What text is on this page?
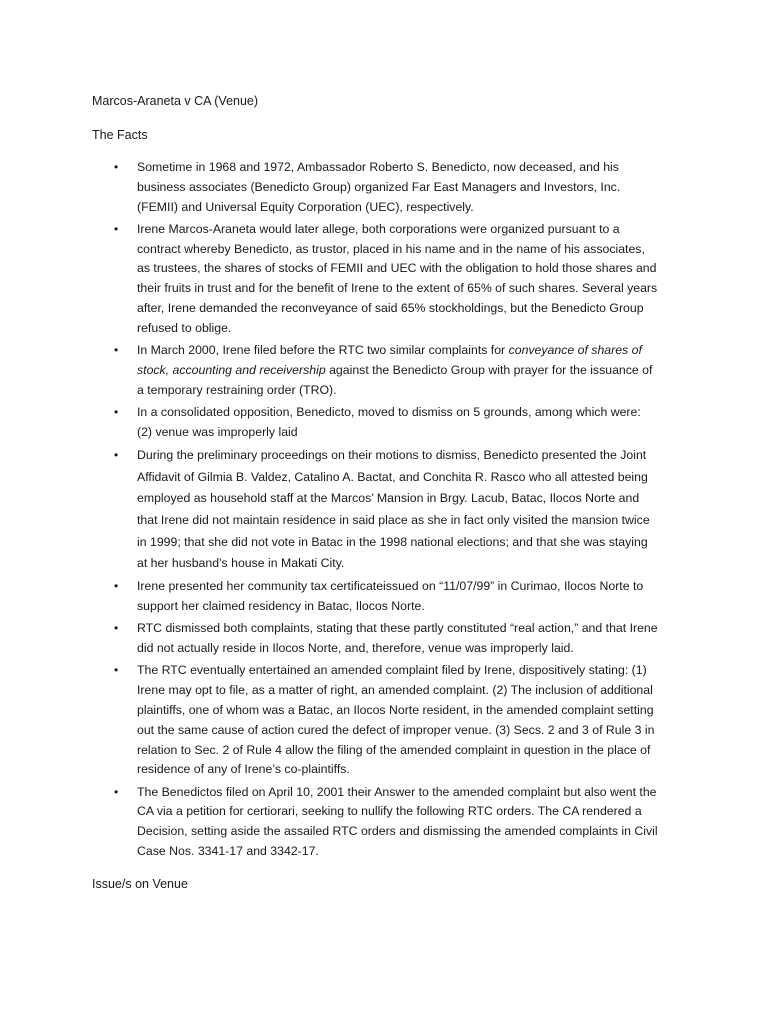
Marcos-Araneta v CA (Venue)

The Facts

• Sometime in 1968 and 1972, Ambassador Roberto S. Benedicto, now deceased, and his business associates (Benedicto Group) organized Far East Managers and Investors, Inc. (FEMII) and Universal Equity Corporation (UEC), respectively.

• Irene Marcos-Araneta would later allege, both corporations were organized pursuant to a contract whereby Benedicto, as trustor, placed in his name and in the name of his associates, as trustees, the shares of stocks of FEMII and UEC with the obligation to hold those shares and their fruits in trust and for the benefit of Irene to the extent of 65% of such shares. Several years after, Irene demanded the reconveyance of said 65% stockholdings, but the Benedicto Group refused to oblige.

• In March 2000, Irene filed before the RTC two similar complaints for conveyance of shares of stock, accounting and receivership against the Benedicto Group with prayer for the issuance of a temporary restraining order (TRO).

• In a consolidated opposition, Benedicto, moved to dismiss on 5 grounds, among which were:

(2) venue was improperly laid

• During the preliminary proceedings on their motions to dismiss, Benedicto presented the Joint Affidavit of Gilmia B. Valdez, Catalino A. Bactat, and Conchita R. Rasco who all attested being employed as household staff at the Marcos’ Mansion in Brgy. Lacub, Batac, Ilocos Norte and that Irene did not maintain residence in said place as she in fact only visited the mansion twice in 1999; that she did not vote in Batac in the 1998 national elections; and that she was staying at her husband’s house in Makati City.

• Irene presented her community tax certificateissued on “11/07/99” in Curimao, Ilocos Norte to support her claimed residency in Batac, Ilocos Norte.

• RTC dismissed both complaints, stating that these partly constituted “real action,” and that Irene did not actually reside in Ilocos Norte, and, therefore, venue was improperly laid.

• The RTC eventually entertained an amended complaint filed by Irene, dispositively stating: (1) Irene may opt to file, as a matter of right, an amended complaint. (2) The inclusion of additional plaintiffs, one of whom was a Batac, an Ilocos Norte resident, in the amended complaint setting out the same cause of action cured the defect of improper venue. (3) Secs. 2 and 3 of Rule 3 in relation to Sec. 2 of Rule 4 allow the filing of the amended complaint in question in the place of residence of any of Irene’s co-plaintiffs.

• The Benedictos filed on April 10, 2001 their Answer to the amended complaint but also went the CA via a petition for certiorari, seeking to nullify the following RTC orders. The CA rendered a Decision, setting aside the assailed RTC orders and dismissing the amended complaints in Civil Case Nos. 3341-17 and 3342-17.

Issue/s on Venue
